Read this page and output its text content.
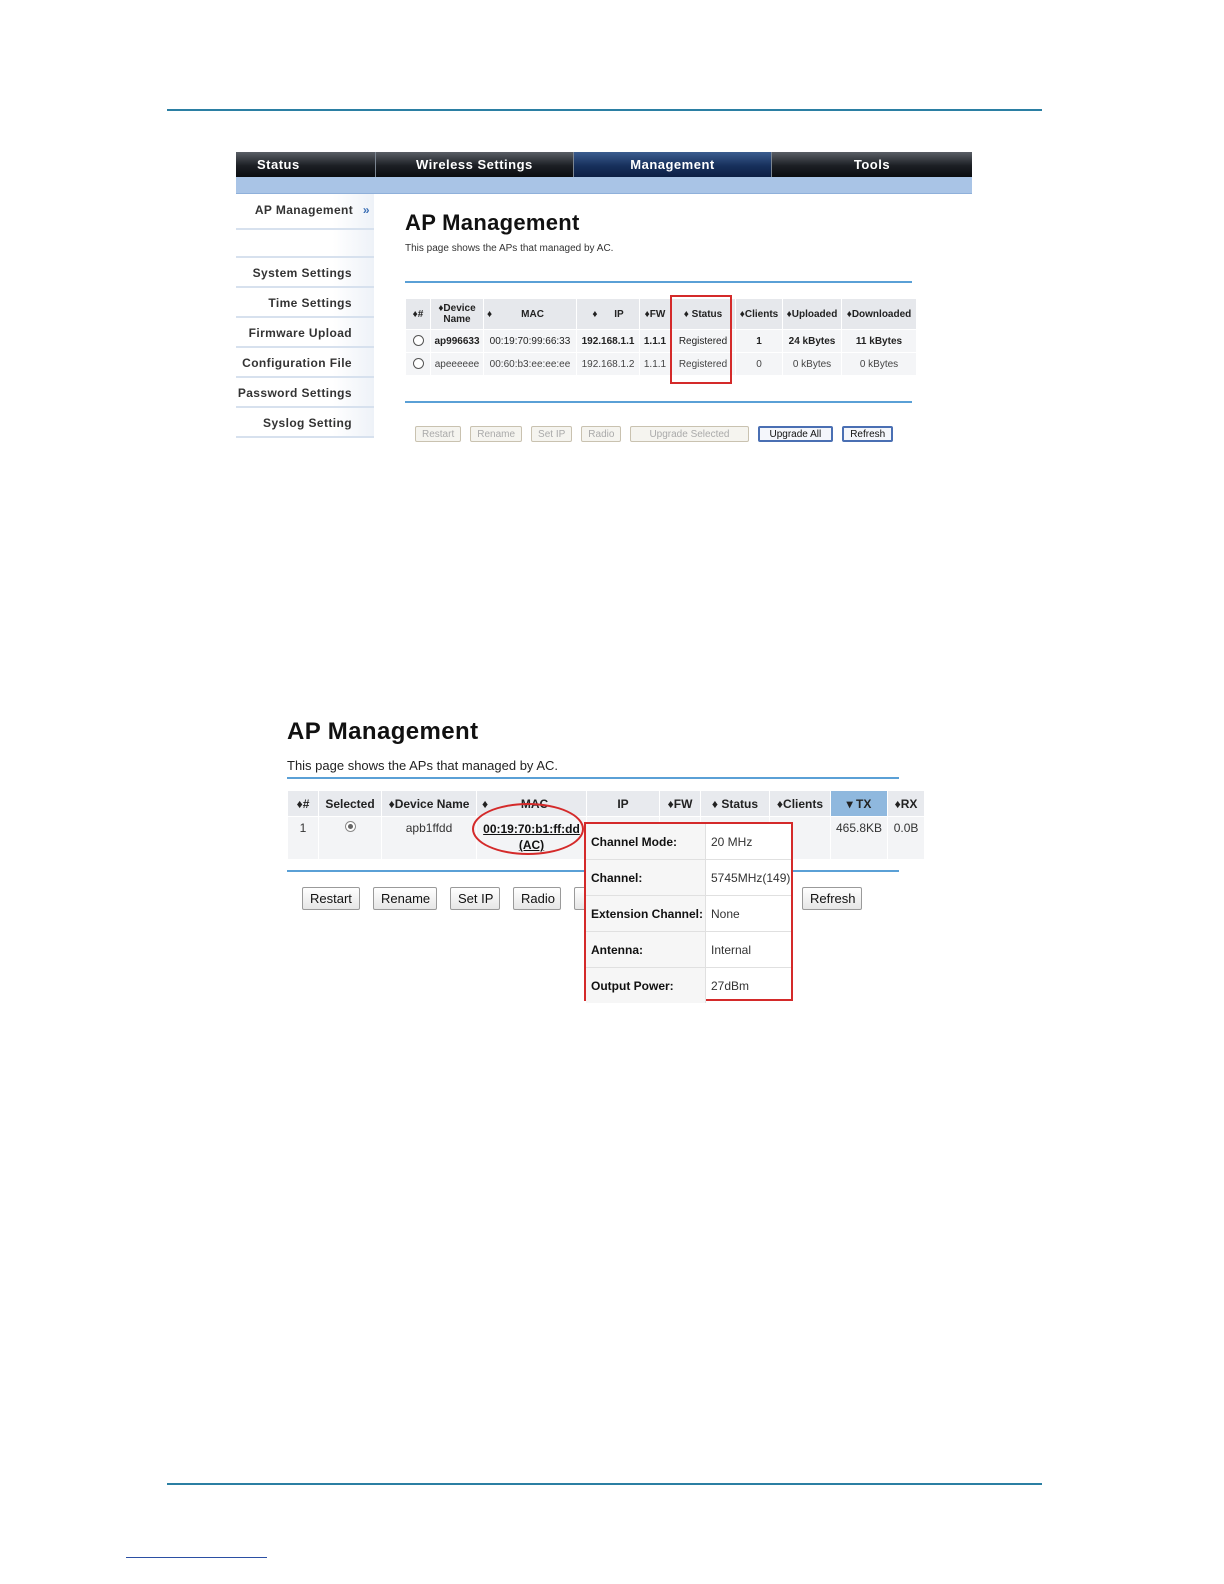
Status	Wireless Settings	Management	Tools
AP Management »
System Settings
Time Settings
Firmware Upload
Configuration File
Password Settings
Syslog Setting
AP Management
This page shows the APs that managed by AC.
♦#	♦Device
Name	♦ MAC	♦ IP	♦FW	♦ Status	♦Clients	♦Uploaded	♦Downloaded
	ap996633	00:19:70:99:66:33	192.168.1.1	1.1.1	Registered	1	24 kBytes	11 kBytes
	apeeeeee	00:60:b3:ee:ee:ee	192.168.1.2	1.1.1	Registered	0	0 kBytes	0 kBytes
Restart	Rename	Set IP	Radio	Upgrade Selected	Upgrade All	Refresh
AP Management
This page shows the APs that managed by AC.
♦#	Selected	♦Device Name	♦ MAC	IP	♦FW	♦ Status	♦Clients	▾ TX	♦RX
1		apb1ffdd	00:19:70:b1:ff:dd
(AC)					465.8KB	0.0B
Restart	Rename	Set IP	Radio	Refresh
Channel Mode:	20 MHz
Channel:	5745MHz(149)
Extension Channel:	None
Antenna:	Internal
Output Power:	27dBm
